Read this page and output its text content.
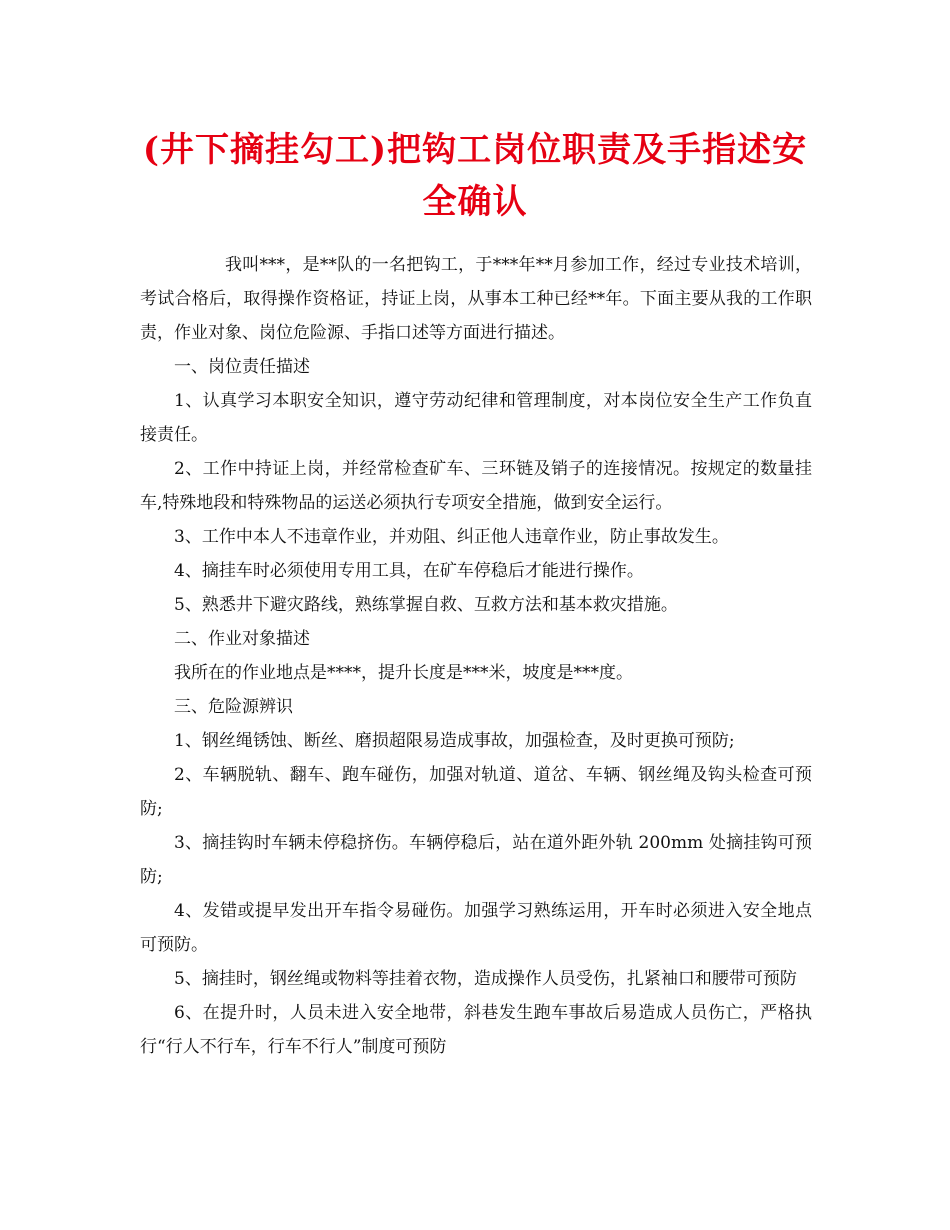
(井下摘挂勾工)把钩工岗位职责及手指述安全确认

我叫***，是**队的一名把钩工，于***年**月参加工作，经过专业技术培训，考试合格后，取得操作资格证，持证上岗，从事本工种已经**年。下面主要从我的工作职责，作业对象、岗位危险源、手指口述等方面进行描述。

一、岗位责任描述

1、认真学习本职安全知识，遵守劳动纪律和管理制度，对本岗位安全生产工作负直接责任。

2、工作中持证上岗，并经常检查矿车、三环链及销子的连接情况。按规定的数量挂车,特殊地段和特殊物品的运送必须执行专项安全措施，做到安全运行。

3、工作中本人不违章作业，并劝阻、纠正他人违章作业，防止事故发生。

4、摘挂车时必须使用专用工具，在矿车停稳后才能进行操作。

5、熟悉井下避灾路线，熟练掌握自救、互救方法和基本救灾措施。

二、作业对象描述

我所在的作业地点是****，提升长度是***米，坡度是***度。

三、危险源辨识

1、钢丝绳锈蚀、断丝、磨损超限易造成事故，加强检查，及时更换可预防;

2、车辆脱轨、翻车、跑车碰伤，加强对轨道、道岔、车辆、钢丝绳及钩头检查可预防;

3、摘挂钩时车辆未停稳挤伤。车辆停稳后，站在道外距外轨 200mm 处摘挂钩可预防;

4、发错或提早发出开车指令易碰伤。加强学习熟练运用，开车时必须进入安全地点可预防。

5、摘挂时，钢丝绳或物料等挂着衣物，造成操作人员受伤，扎紧袖口和腰带可预防

6、在提升时，人员未进入安全地带，斜巷发生跑车事故后易造成人员伤亡，严格执行“行人不行车，行车不行人”制度可预防
